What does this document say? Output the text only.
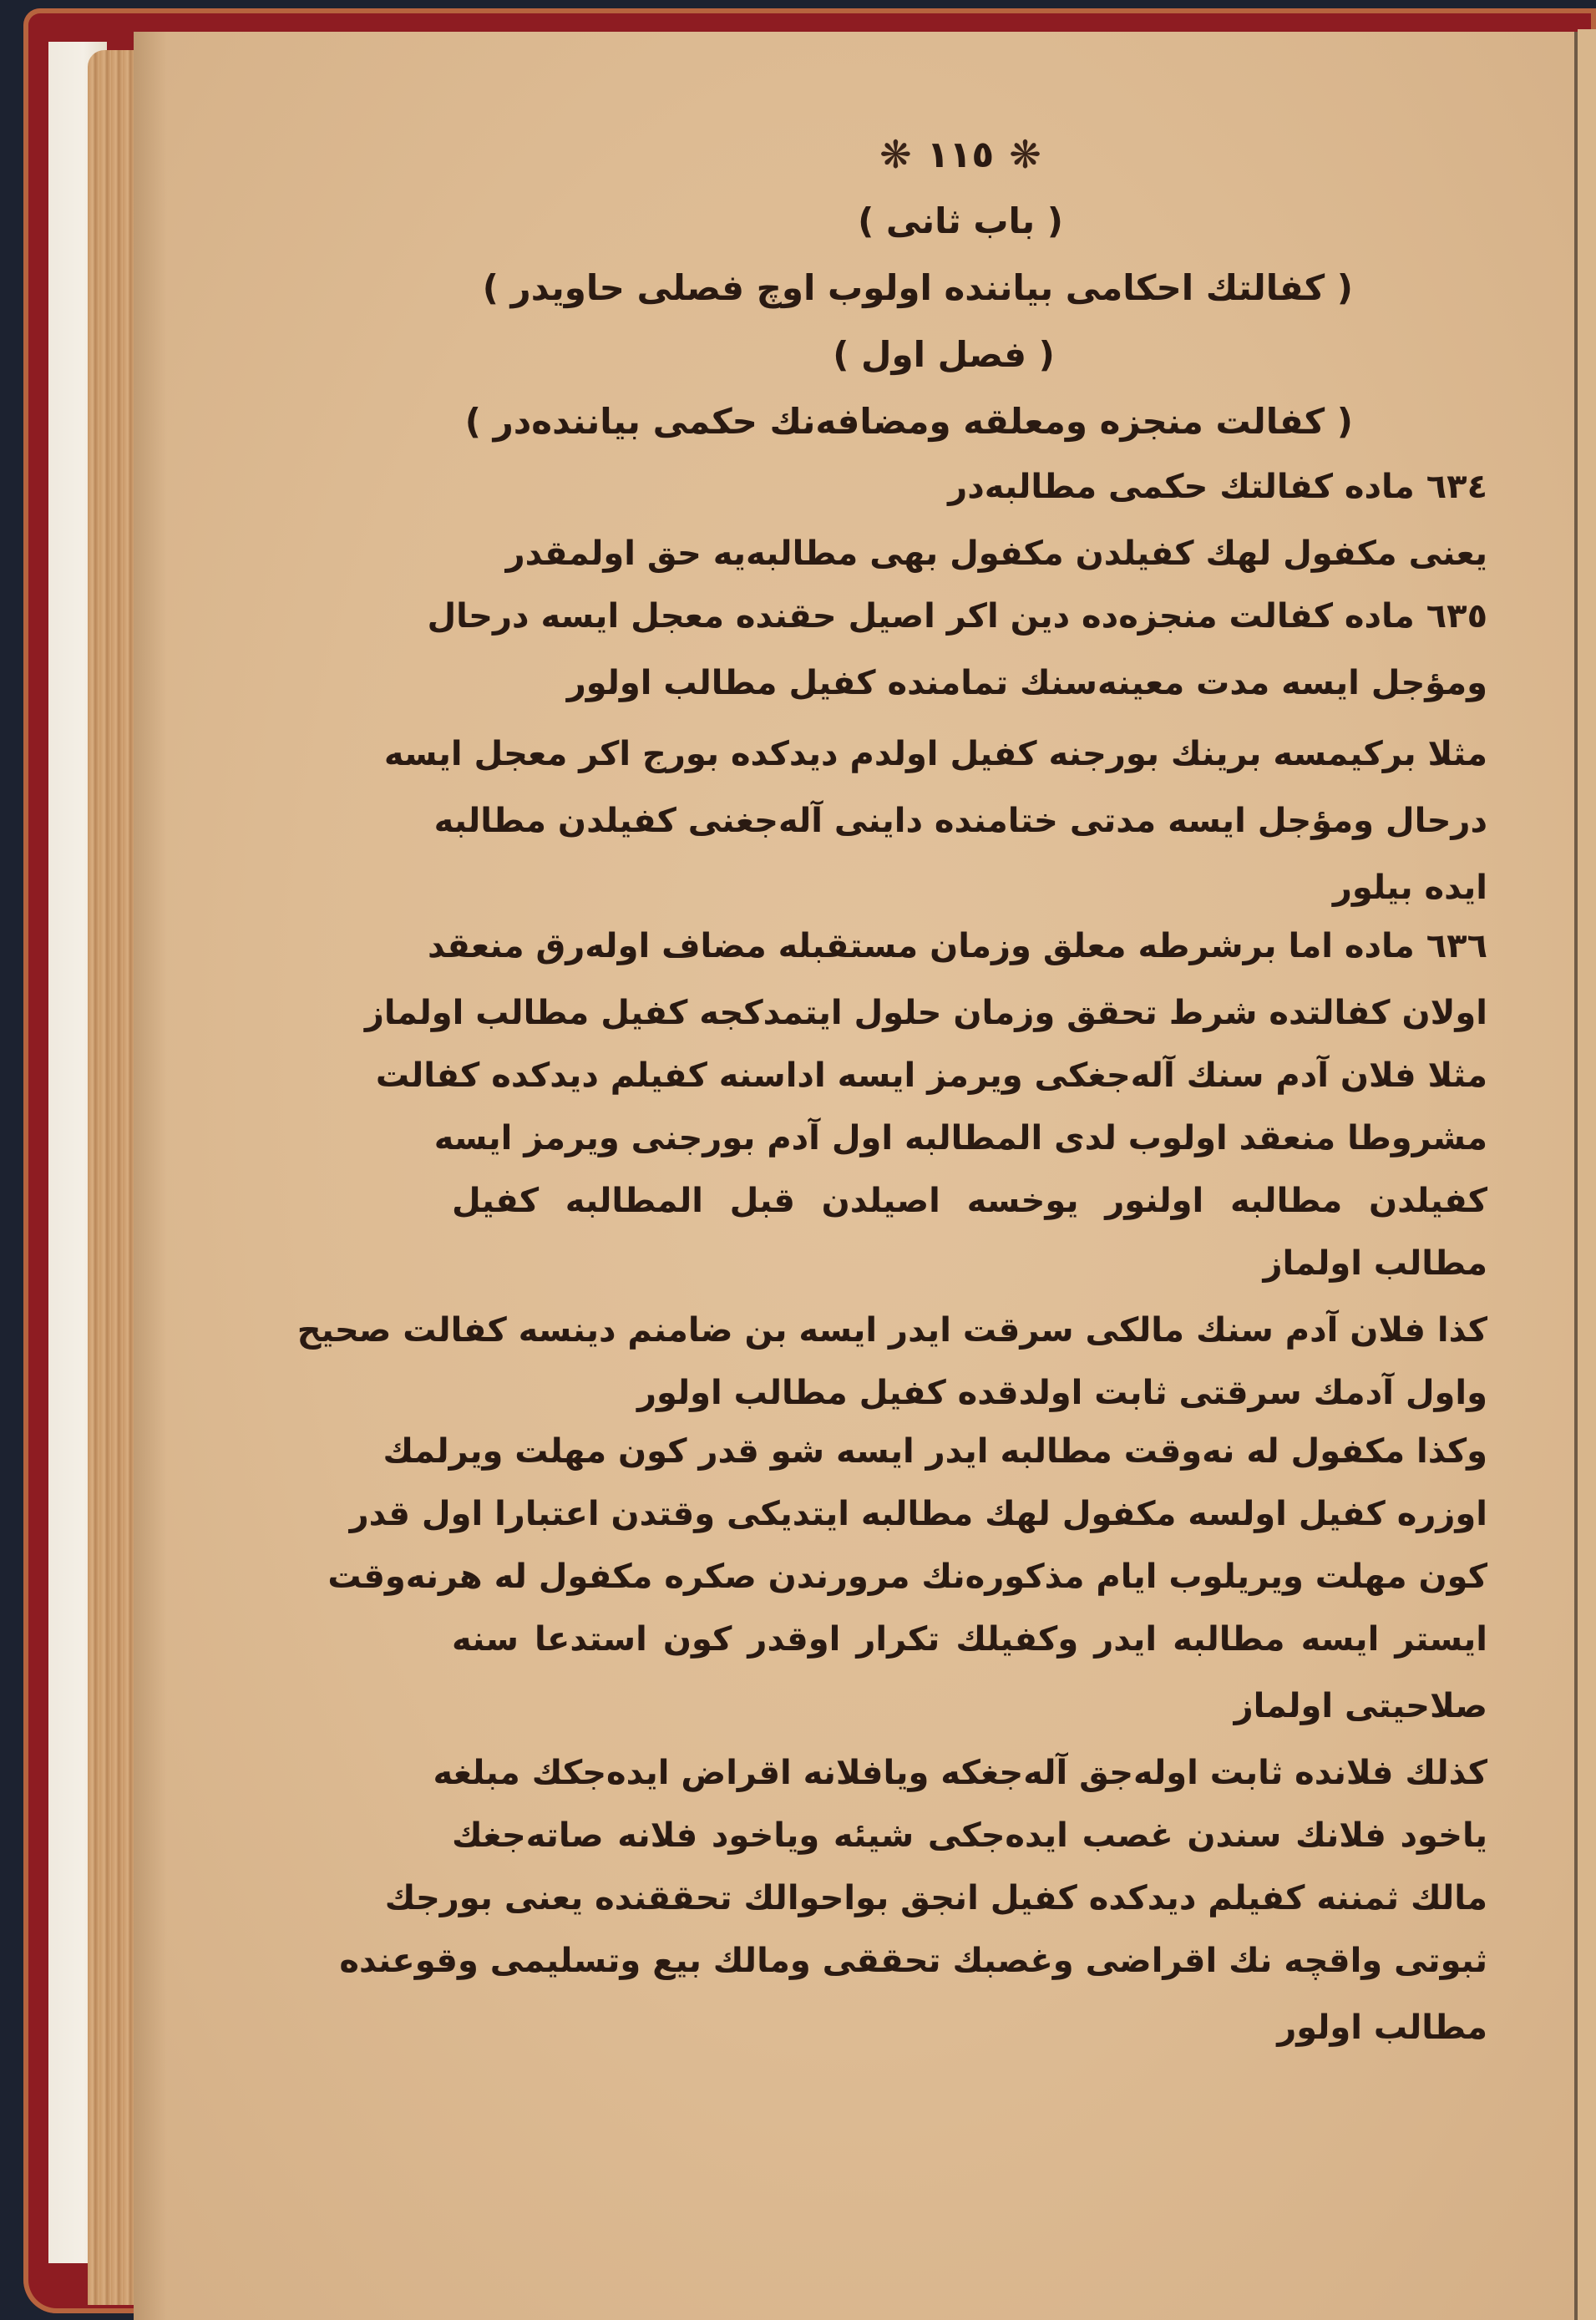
❋ ١١٥ ❋
( باب ثانی )
( کفالتك احکامی بیانندە اولوب اوچ فصلی حاویدر )
( فصل اول )
( کفالت منجزه ومعلقه ومضافەنك حکمی بیانندەدر )
٦٣٤ مادە کفالتك حکمی مطالبەدر
یعنی مکفول لهك کفیلدن مکفول بهی مطالبەیه حق اولمقدر
٦٣٥ مادە کفالت منجزەدە دین اکر اصیل حقندە معجل ایسه درحال
ومؤجل ایسه مدت معینەسنك تمامندە کفیل مطالب اولور
مثلا برکیمسه برینك بورجنه کفیل اولدم دیدکده بورج اکر معجل ایسه
درحال ومؤجل ایسه مدتی ختامندە داینی آلەجغنی کفیلدن مطالبه
ایدە بیلور
٦٣٦ مادە اما برشرطه معلق وزمان مستقبله مضاف اولەرق منعقد
اولان کفالتدە شرط تحقق وزمان حلول ایتمدکجه کفیل مطالب اولماز
مثلا فلان آدم سنك آلەجغکی ویرمز ایسه اداسنه کفیلم دیدکده کفالت
مشروطا منعقد اولوب لدی المطالبه اول آدم بورجنی ویرمز ایسه
کفیلدن مطالبه اولنور یوخسه اصیلدن قبل المطالبه کفیل
مطالب اولماز
کذا فلان آدم سنك مالکی سرقت ایدر ایسه بن ضامنم دینسه کفالت صحیح
واول آدمك سرقتی ثابت اولدقده کفیل مطالب اولور
وکذا مکفول له نەوقت مطالبه ایدر ایسه شو قدر کون مهلت ویرلمك
اوزره کفیل اولسه مکفول لهك مطالبه ایتدیکی وقتدن اعتبارا اول قدر
کون مهلت ویریلوب ایام مذکورەنك مرورندن صکره مکفول له هرنەوقت
ایستر ایسه مطالبه ایدر وکفیلك تکرار اوقدر کون استدعا سنه
صلاحیتی اولماز
کذلك فلانده ثابت اولەجق آلەجغکه ویافلانه اقراض ایدەجکك مبلغه
یاخود فلانك سندن غصب ایدەجکی شیئه ویاخود فلانه صاتەجغك
مالك ثمننه کفیلم دیدکده کفیل انجق بواحوالك تحققنده یعنی بورجك
ثبوتی واقچه نك اقراضی وغصبك تحققی ومالك بیع وتسلیمی وقوعنده
مطالب اولور
